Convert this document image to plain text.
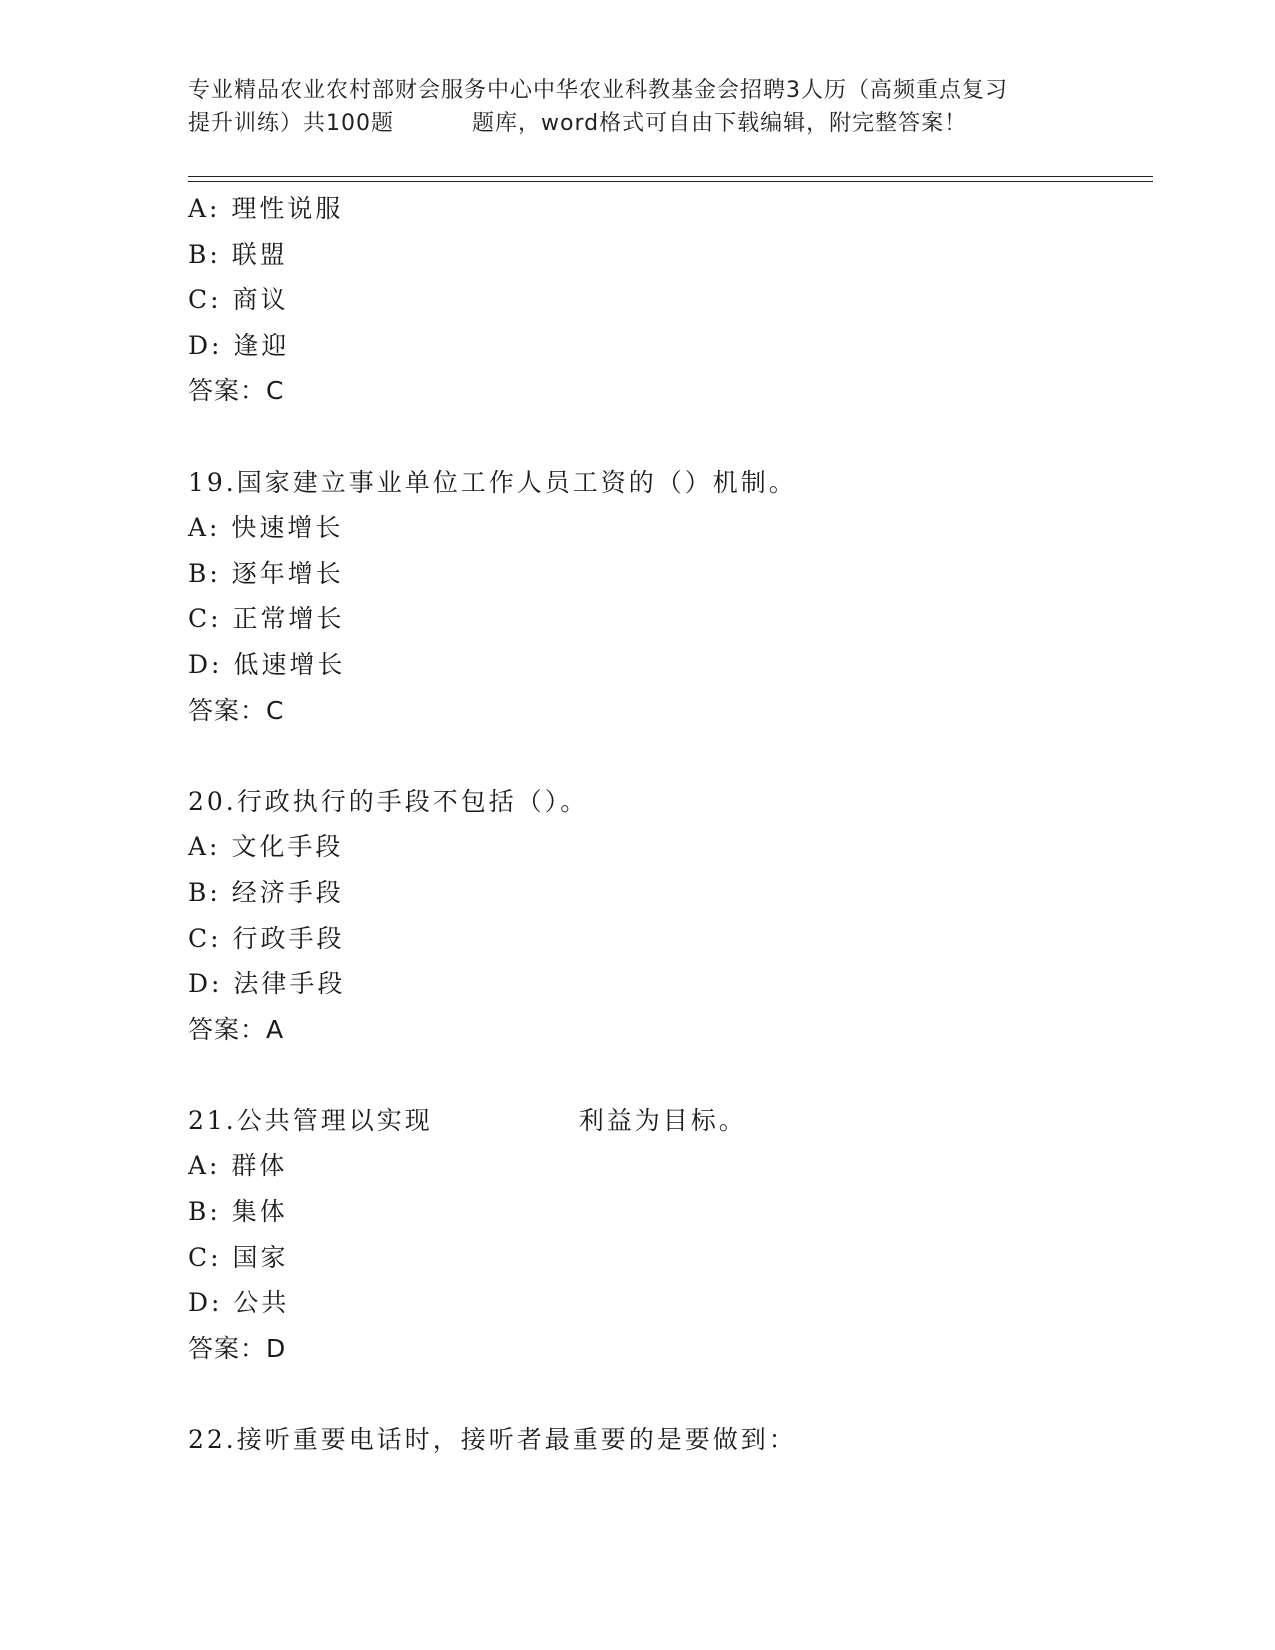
专业精品农业农村部财会服务中心中华农业科教基金会招聘3人历（高频重点复习
提升训练）共100题	题库，word格式可自由下载编辑，附完整答案！
A: 理性说服
B: 联盟
C: 商议
D: 逢迎
答案：C
19.国家建立事业单位工作人员工资的（）机制。
A: 快速增长
B: 逐年增长
C: 正常增长
D: 低速增长
答案：C
20.行政执行的手段不包括（）。
A: 文化手段
B: 经济手段
C: 行政手段
D: 法律手段
答案：A
21.公共管理以实现	利益为目标。
A: 群体
B: 集体
C: 国家
D: 公共
答案：D
22.接听重要电话时，接听者最重要的是要做到：
